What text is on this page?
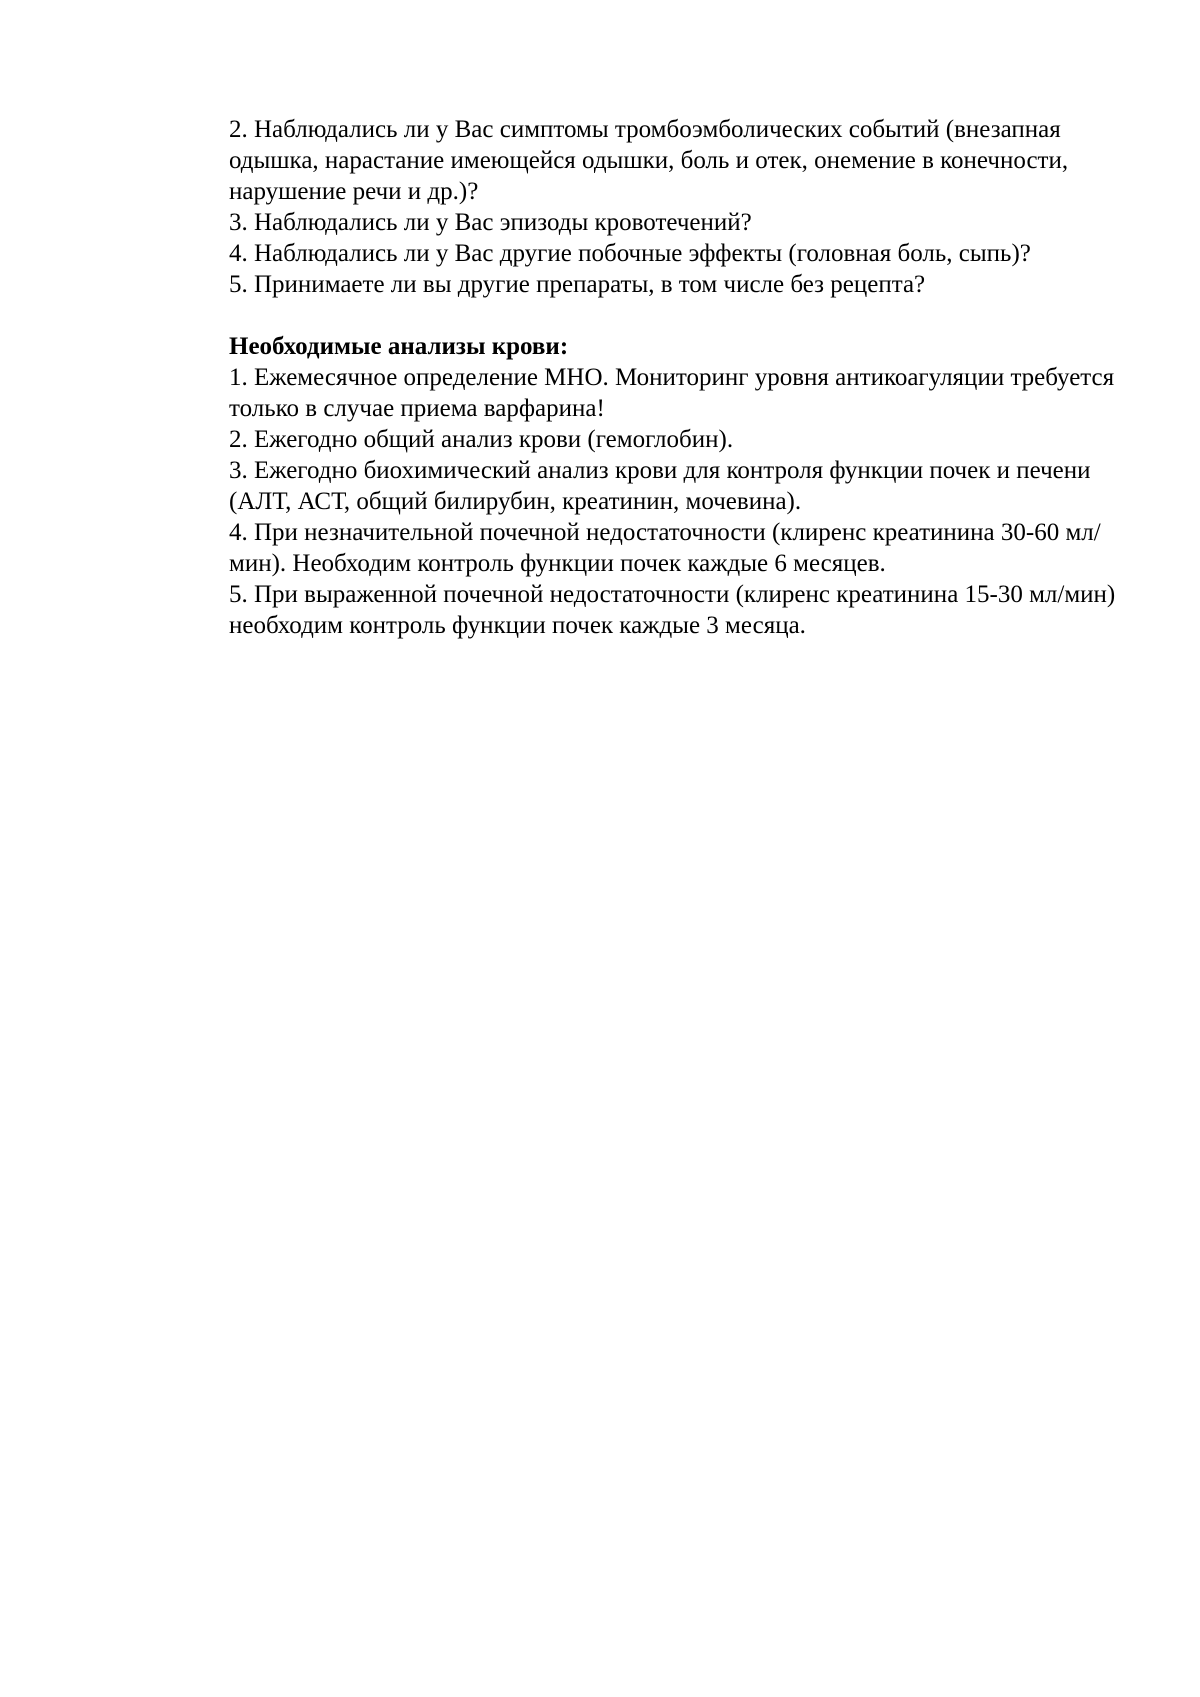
2. Наблюдались ли у Вас симптомы тромбоэмболических событий (внезапная одышка, нарастание имеющейся одышки, боль и отек, онемение в конечности, нарушение речи и др.)?

3. Наблюдались ли у Вас эпизоды кровотечений?

4. Наблюдались ли у Вас другие побочные эффекты (головная боль, сыпь)?

5. Принимаете ли вы другие препараты, в том числе без рецепта?

Необходимые анализы крови:

1. Ежемесячное определение МНО. Мониторинг уровня антикоагуляции требуется только в случае приема варфарина!

2. Ежегодно общий анализ крови (гемоглобин).

3. Ежегодно биохимический анализ крови для контроля функции почек и печени (АЛТ, АСТ, общий билирубин, креатинин, мочевина).

4. При незначительной почечной недостаточности (клиренс креатинина 30-60 мл/мин). Необходим контроль функции почек каждые 6 месяцев.

5. При выраженной почечной недостаточности (клиренс креатинина 15-30 мл/мин) необходим контроль функции почек каждые 3 месяца.
